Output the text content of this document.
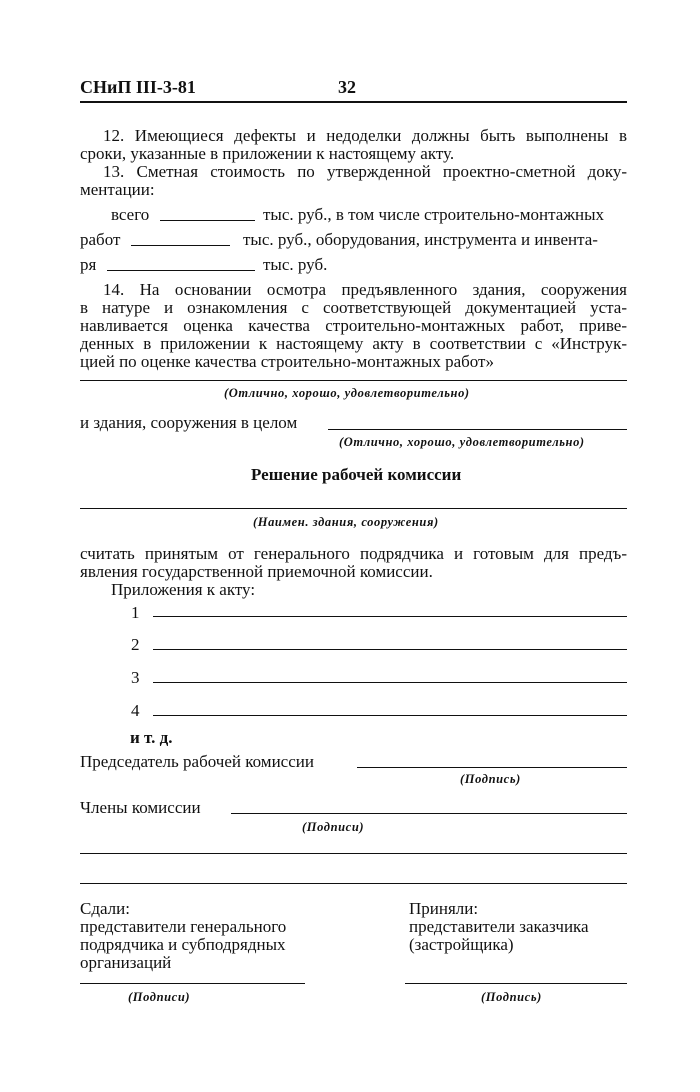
СНиП III-3-81	32
12. Имеющиеся дефекты и недоделки должны быть выполнены в
сроки, указанные в приложении к настоящему акту.
13. Сметная стоимость по утвержденной проектно-сметной доку-
ментации:
всего	тыс. руб., в том числе строительно-монтажных
работ	тыс. руб., оборудования, инструмента и инвента-
ря	тыс. руб.
14. На основании осмотра предъявленного здания, сооружения
в натуре и ознакомления с соответствующей документацией уста-
навливается оценка качества строительно-монтажных работ, приве-
денных в приложении к настоящему акту в соответствии с «Инструк-
цией по оценке качества строительно-монтажных работ»
(Отлично, хорошо, удовлетворительно)
и здания, сооружения в целом
(Отлично, хорошо, удовлетворительно)
Решение рабочей комиссии
(Наимен. здания, сооружения)
считать принятым от генерального подрядчика и готовым для предъ-
явления государственной приемочной комиссии.
Приложения к акту:
1
2
3
4
и т. д.
Председатель рабочей комиссии
(Подпись)
Члены комиссии
(Подписи)
Сдали:
представители генерального
подрядчика и субподрядных
организаций
(Подписи)
Приняли:
представители заказчика
(застройщика)
(Подпись)
